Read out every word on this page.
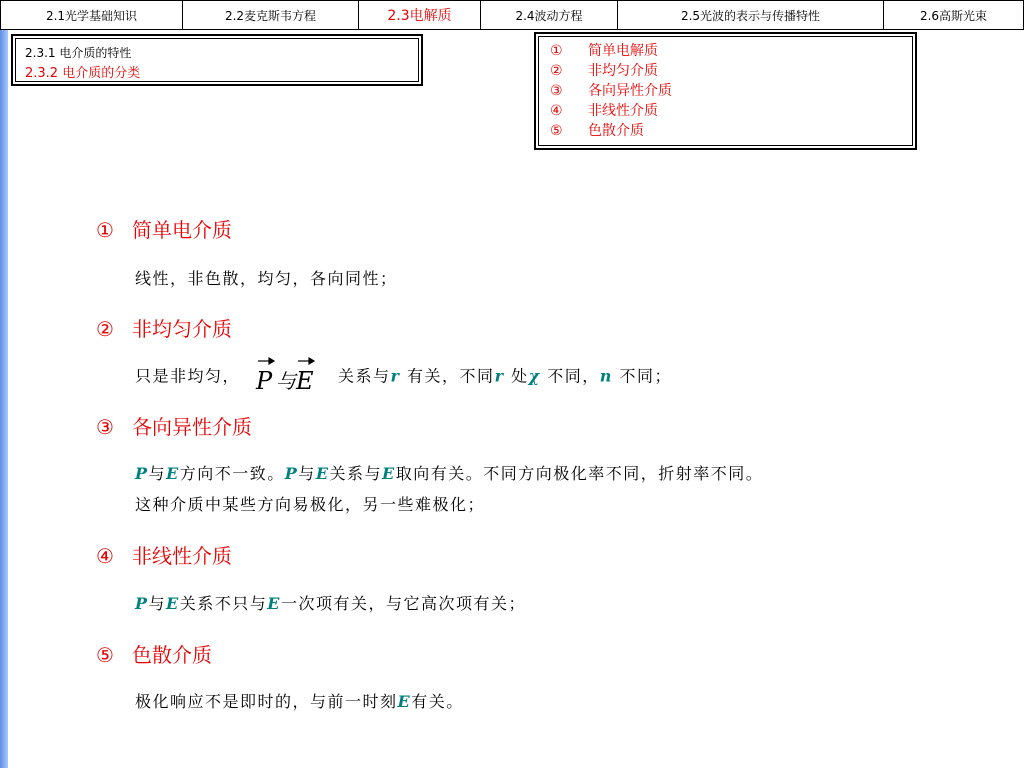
2.1光学基础知识	2.2麦克斯韦方程	2.3电解质	2.4波动方程	2.5光波的表示与传播特性	2.6高斯光束
2.3.1 电介质的特性
2.3.2 电介质的分类
① 简单电解质
② 非均匀介质
③ 各向异性介质
④ 非线性介质
⑤ 色散介质
① 简单电介质
线性，非色散，均匀，各向同性；
② 非均匀介质
只是非均匀， P 与 E 关系与r 有关，不同r 处χ 不同，n 不同；
③ 各向异性介质
P与E方向不一致。P与E关系与E取向有关。不同方向极化率不同，折射率不同。
这种介质中某些方向易极化，另一些难极化；
④ 非线性介质
P与E关系不只与E一次项有关，与它高次项有关；
⑤ 色散介质
极化响应不是即时的，与前一时刻E有关。
